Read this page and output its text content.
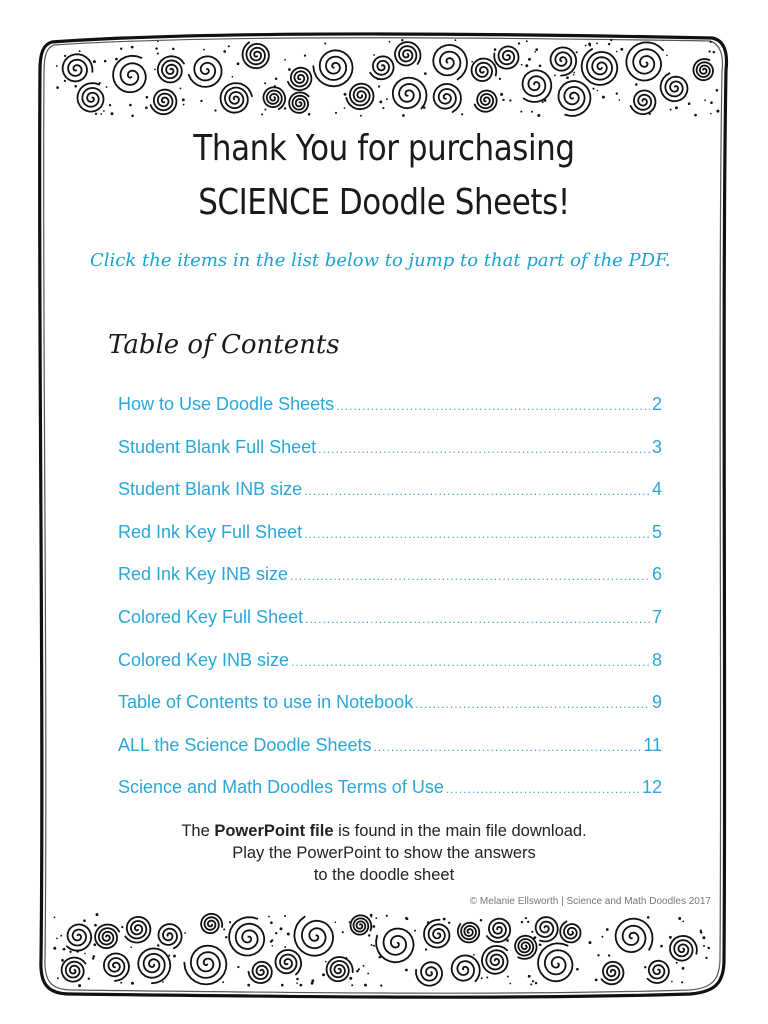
Thank You for purchasing
SCIENCE Doodle Sheets!

Click the items in the list below to jump to that part of the PDF.

Table of Contents
How to Use Doodle Sheets .....	2
Student Blank Full Sheet .....	3
Student Blank INB size .....	4
Red Ink Key Full Sheet .....	5
Red Ink Key INB size .....	6
Colored Key Full Sheet .....	7
Colored Key INB size .....	8
Table of Contents to use in Notebook .....	9
ALL the Science Doodle Sheets .....	11
Science and Math Doodles Terms of Use .....	12
The PowerPoint file is found in the main file download.
Play the PowerPoint to show the answers
to the doodle sheet
© Melanie Ellsworth | Science and Math Doodles 2017
